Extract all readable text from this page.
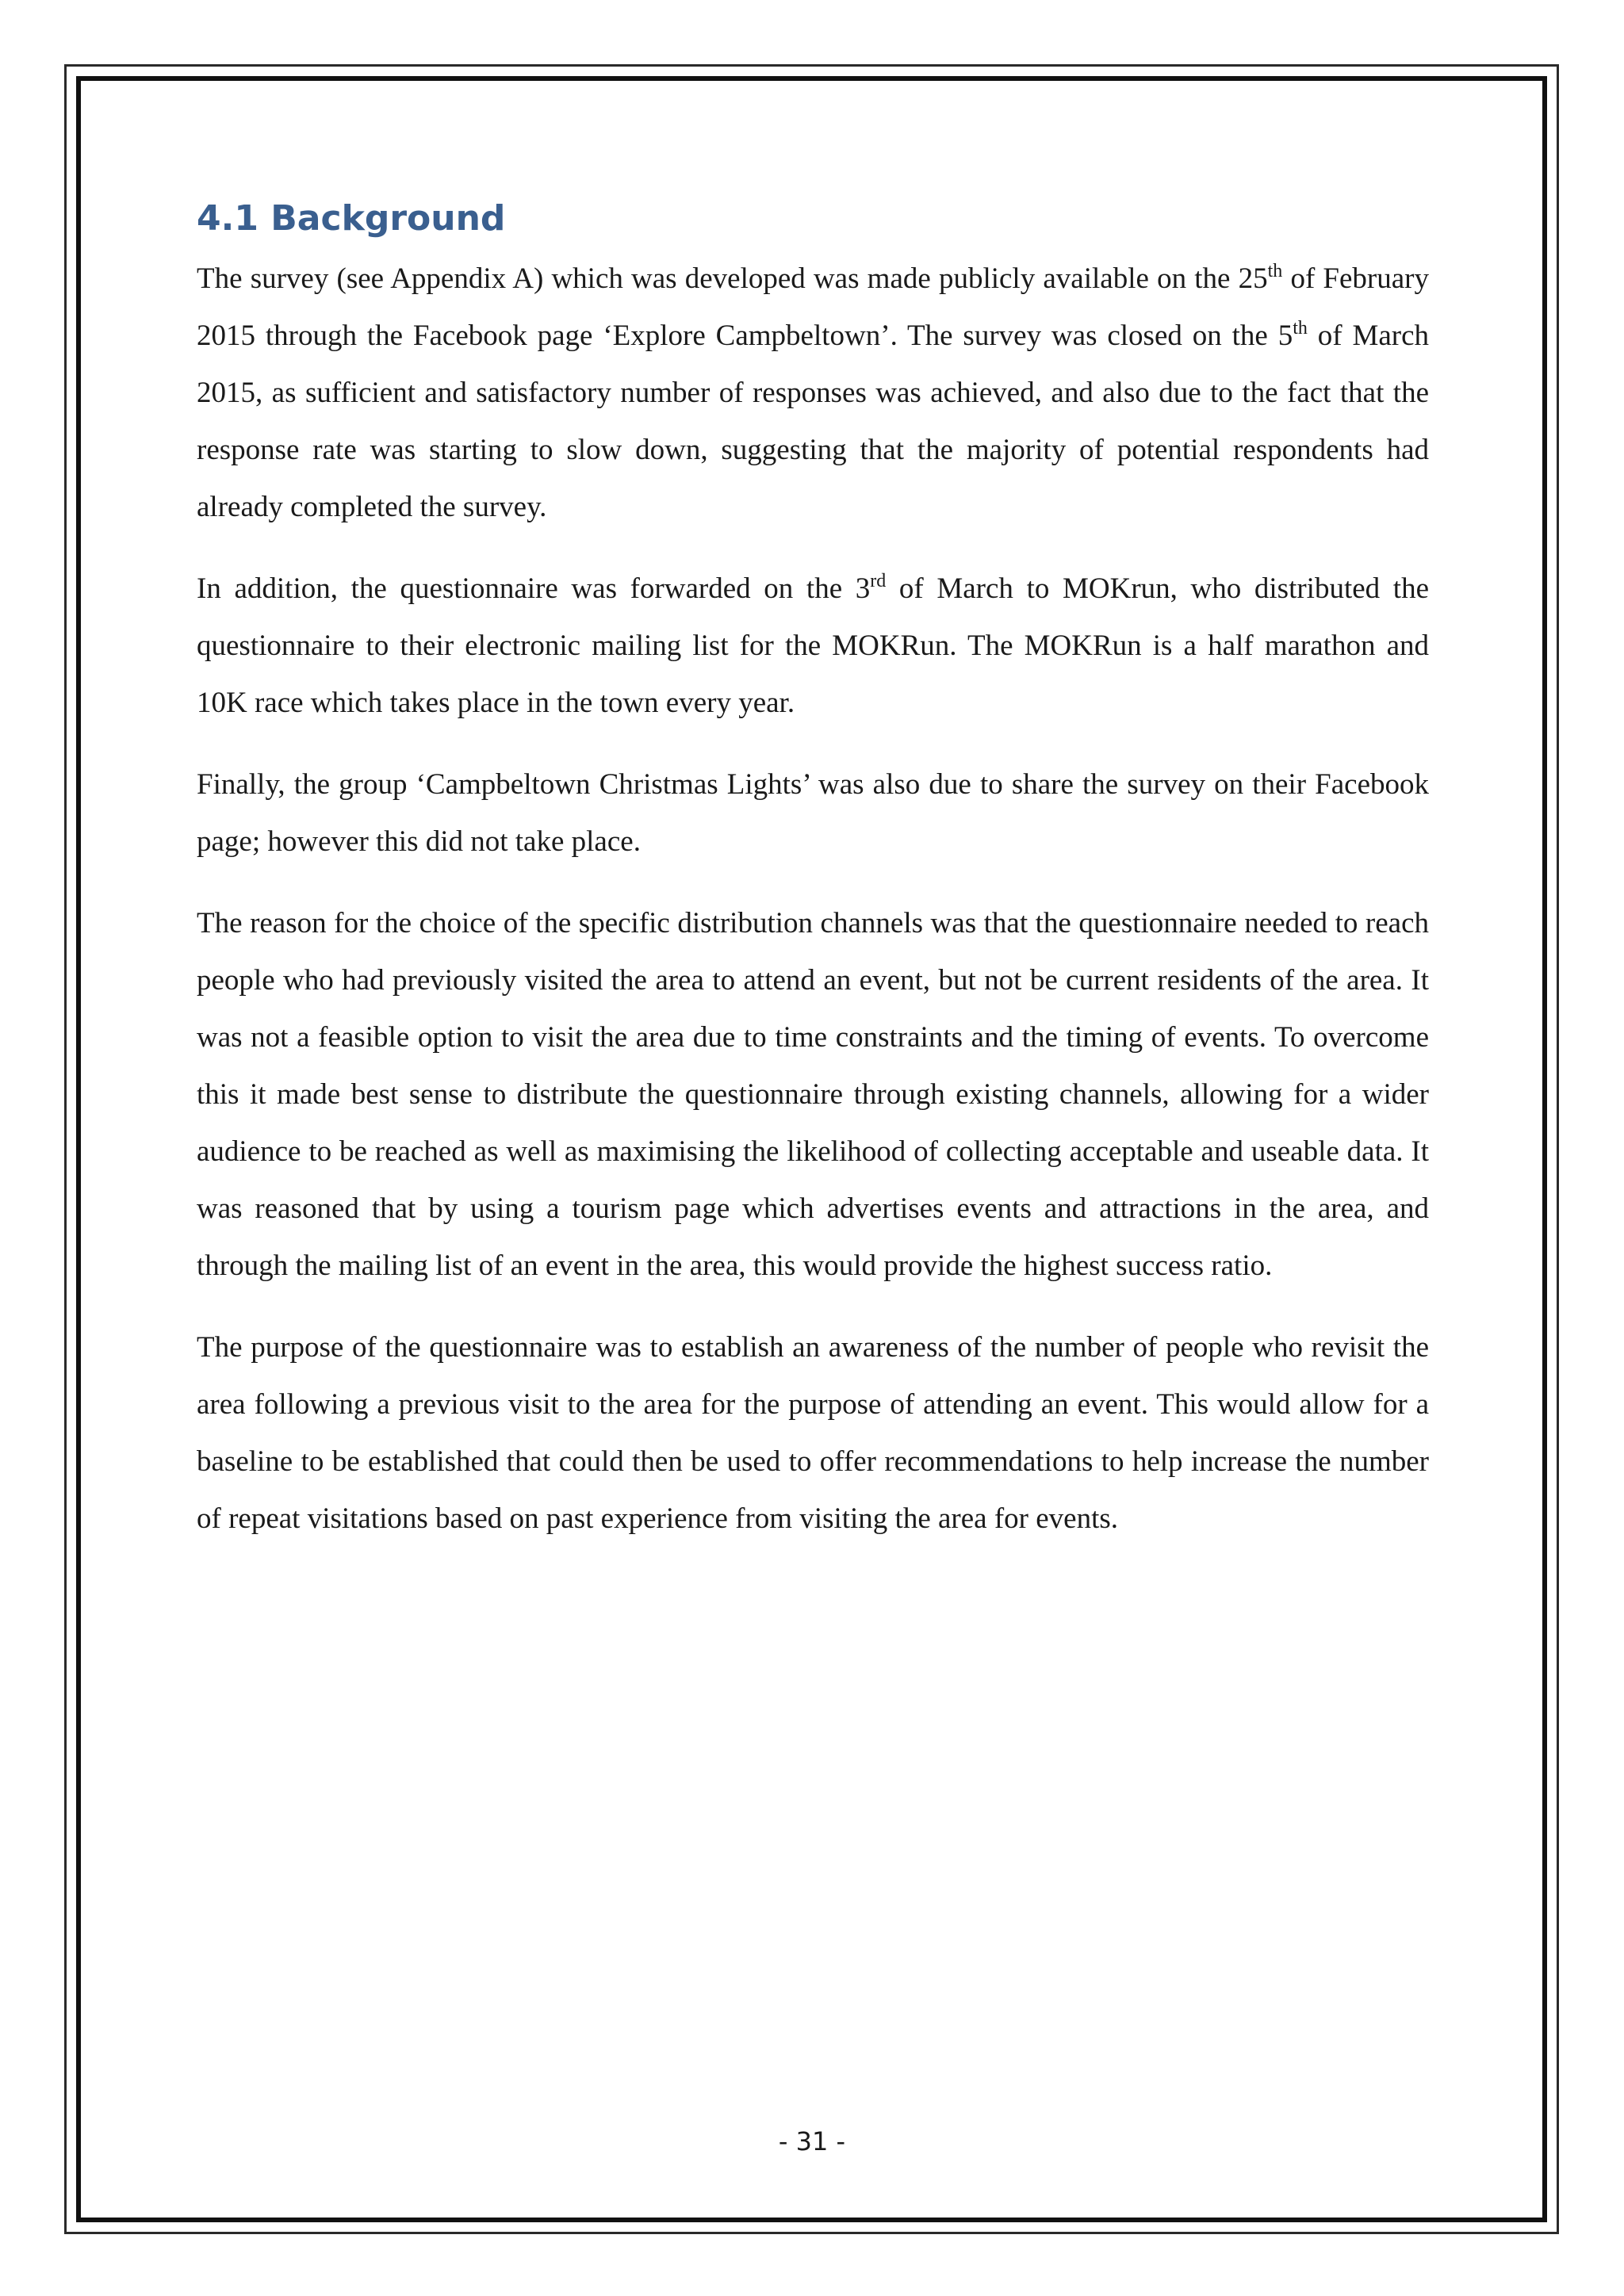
4.1 Background

The survey (see Appendix A) which was developed was made publicly available on the 25th of February 2015 through the Facebook page ‘Explore Campbeltown’. The survey was closed on the 5th of March 2015, as sufficient and satisfactory number of responses was achieved, and also due to the fact that the response rate was starting to slow down, suggesting that the majority of potential respondents had already completed the survey.

In addition, the questionnaire was forwarded on the 3rd of March to MOKrun, who distributed the questionnaire to their electronic mailing list for the MOKRun. The MOKRun is a half marathon and 10K race which takes place in the town every year.

Finally, the group ‘Campbeltown Christmas Lights’ was also due to share the survey on their Facebook page; however this did not take place.

The reason for the choice of the specific distribution channels was that the questionnaire needed to reach people who had previously visited the area to attend an event, but not be current residents of the area. It was not a feasible option to visit the area due to time constraints and the timing of events. To overcome this it made best sense to distribute the questionnaire through existing channels, allowing for a wider audience to be reached as well as maximising the likelihood of collecting acceptable and useable data. It was reasoned that by using a tourism page which advertises events and attractions in the area, and through the mailing list of an event in the area, this would provide the highest success ratio.

The purpose of the questionnaire was to establish an awareness of the number of people who revisit the area following a previous visit to the area for the purpose of attending an event. This would allow for a baseline to be established that could then be used to offer recommendations to help increase the number of repeat visitations based on past experience from visiting the area for events.

- 31 -
